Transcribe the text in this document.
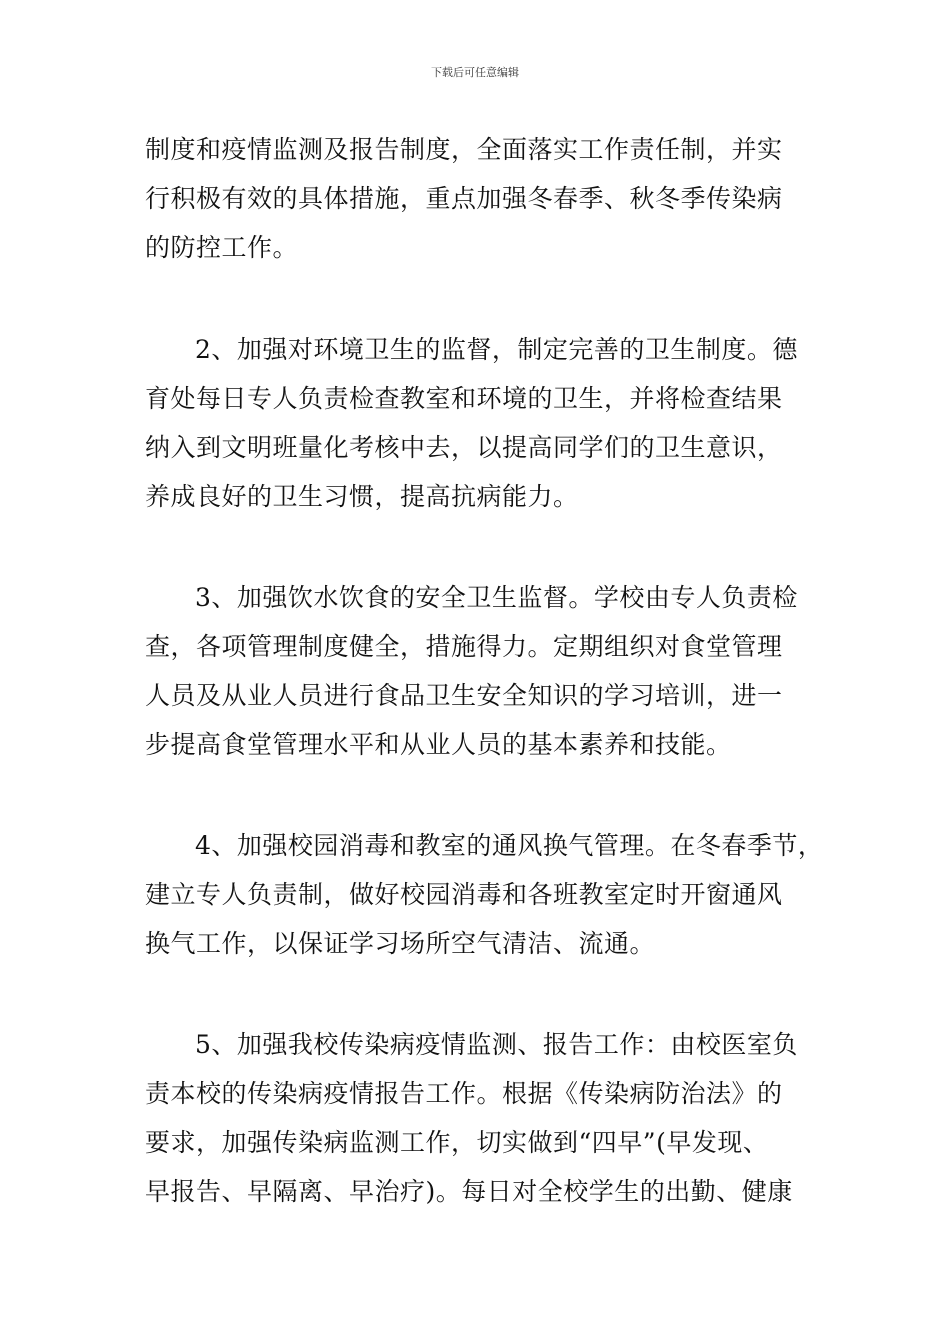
下载后可任意编辑
制度和疫情监测及报告制度，全面落实工作责任制，并实
行积极有效的具体措施，重点加强冬春季、秋冬季传染病
的防控工作。
2、加强对环境卫生的监督，制定完善的卫生制度。德
育处每日专人负责检查教室和环境的卫生，并将检查结果
纳入到文明班量化考核中去，以提高同学们的卫生意识，
养成良好的卫生习惯，提高抗病能力。
3、加强饮水饮食的安全卫生监督。学校由专人负责检
查，各项管理制度健全，措施得力。定期组织对食堂管理
人员及从业人员进行食品卫生安全知识的学习培训，进一
步提高食堂管理水平和从业人员的基本素养和技能。
4、加强校园消毒和教室的通风换气管理。在冬春季节，
建立专人负责制，做好校园消毒和各班教室定时开窗通风
换气工作，以保证学习场所空气清洁、流通。
5、加强我校传染病疫情监测、报告工作：由校医室负
责本校的传染病疫情报告工作。根据《传染病防治法》的
要求，加强传染病监测工作，切实做到“四早”(早发现、
早报告、早隔离、早治疗)。每日对全校学生的出勤、健康
